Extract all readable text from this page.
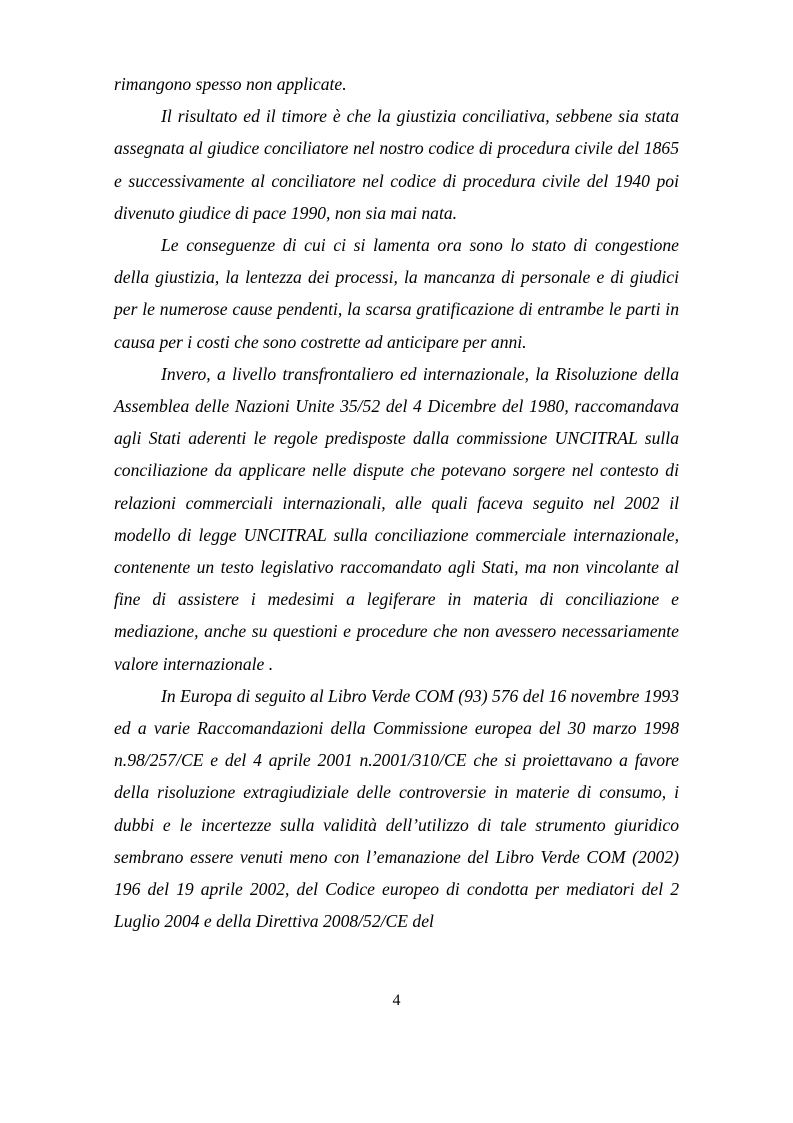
rimangono spesso non applicate.

Il risultato ed il timore è che la giustizia conciliativa, sebbene sia stata assegnata al giudice conciliatore nel nostro codice di procedura civile del 1865 e successivamente al conciliatore nel codice di procedura civile del 1940 poi divenuto giudice di pace 1990, non sia mai nata.

Le conseguenze di cui ci si lamenta ora sono lo stato di congestione della giustizia, la lentezza dei processi, la mancanza di personale e di giudici per le numerose cause pendenti, la scarsa gratificazione di entrambe le parti in causa per i costi che sono costrette ad anticipare per anni.

Invero, a livello transfrontaliero ed internazionale, la Risoluzione della Assemblea delle Nazioni Unite 35/52 del 4 Dicembre del 1980, raccomandava agli Stati aderenti le regole predisposte dalla commissione UNCITRAL sulla conciliazione da applicare nelle dispute che potevano sorgere nel contesto di relazioni commerciali internazionali, alle quali faceva seguito nel 2002 il modello di legge UNCITRAL sulla conciliazione commerciale internazionale, contenente un testo legislativo raccomandato agli Stati, ma non vincolante al fine di assistere i medesimi a legiferare in materia di conciliazione e mediazione, anche su questioni e procedure che non avessero necessariamente valore internazionale .

In Europa di seguito al Libro Verde COM (93) 576 del 16 novembre 1993 ed a varie Raccomandazioni della Commissione europea del 30 marzo 1998 n.98/257/CE e del 4 aprile 2001 n.2001/310/CE che si proiettavano a favore della risoluzione extragiudiziale delle controversie in materie di consumo, i dubbi e le incertezze sulla validità dell’utilizzo di tale strumento giuridico sembrano essere venuti meno con l’emanazione del Libro Verde COM (2002) 196 del 19 aprile 2002, del Codice europeo di condotta per mediatori del 2 Luglio 2004 e della Direttiva 2008/52/CE del

4
